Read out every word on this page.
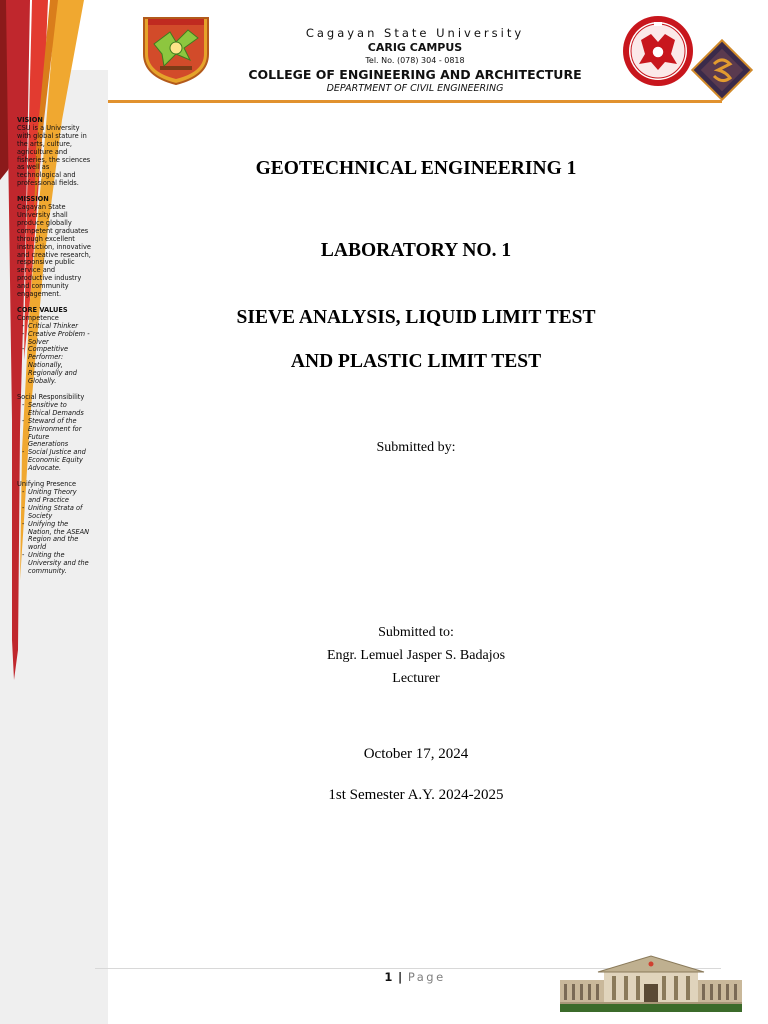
Cagayan State University
CARIG CAMPUS
Tel. No. (078) 304 - 0818
COLLEGE OF ENGINEERING AND ARCHITECTURE
DEPARTMENT OF CIVIL ENGINEERING

VISION

CSU is a University with global stature in the arts, culture, agriculture and fisheries, the sciences as well as technological and professional fields.

MISSION

Cagayan State University shall produce globally competent graduates through excellent instruction, innovative and creative research, responsive public service and productive industry and community engagement.

CORE VALUES

Competence

- Critical Thinker
- Creative Problem -Solver
- Competitive Performer: Nationally, Regionally and Globally.

Social Responsibility

- Sensitive to Ethical Demands
- Steward of the Environment for Future Generations
- Social Justice and Economic Equity Advocate.

Unifying Presence

- Uniting Theory and Practice
- Uniting Strata of Society
- Unifying the Nation, the ASEAN Region and the world
- Uniting the University and the community.
GEOTECHNICAL ENGINEERING 1
LABORATORY NO. 1
SIEVE ANALYSIS, LIQUID LIMIT TEST
AND PLASTIC LIMIT TEST
Submitted by:
Submitted to:
Engr. Lemuel Jasper S. Badajos
Lecturer
October 17, 2024
1st Semester A.Y. 2024-2025
1 | Page
